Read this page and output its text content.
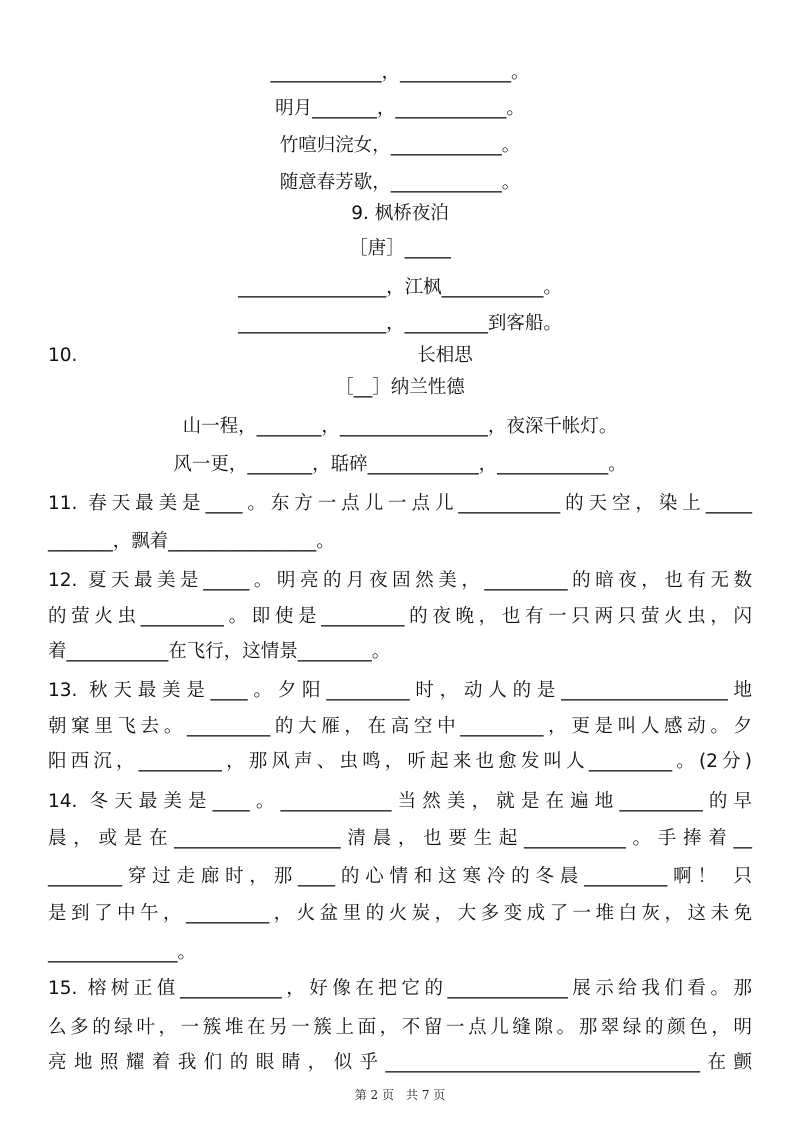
____________，____________。
明月_______，____________。
竹喧归浣女，____________。
随意春芳歇，____________。
9. 枫桥夜泊
［唐］_____
________________，江枫___________。
________________，_________到客船。
10.	长相思
［__］纳兰性德
山一程，_______，________________，夜深千帐灯。
风一更，_______，聒碎____________，____________。
11. 春天最美是____。东方一点儿一点儿___________的天空，染上_____
_______，飘着________________。
12. 夏天最美是_____。明亮的月夜固然美，_________的暗夜，也有无数
的萤火虫_________。即使是_________的夜晚，也有一只两只萤火虫，闪
着___________在飞行，这情景________。
13. 秋天最美是____。夕阳_________时，动人的是__________________地
朝窠里飞去。_________的大雁，在高空中_________，更是叫人感动。夕
阳西沉，_________，那风声、虫鸣，听起来也愈发叫人_________。(2分)
14. 冬天最美是____。____________当然美，就是在遍地_________的早
晨，或是在__________________清晨，也要生起___________。手捧着__
________穿过走廊时，那____的心情和这寒冷的冬晨_________啊！ 只
是到了中午，_________，火盆里的火炭，大多变成了一堆白灰，这未免
______________。
15. 榕树正值___________，好像在把它的_____________展示给我们看。那
么多的绿叶，一簇堆在另一簇上面，不留一点儿缝隙。那翠绿的颜色，明
亮地照耀着我们的眼睛，似乎__________________________________在颤
第 2 页　共 7 页
